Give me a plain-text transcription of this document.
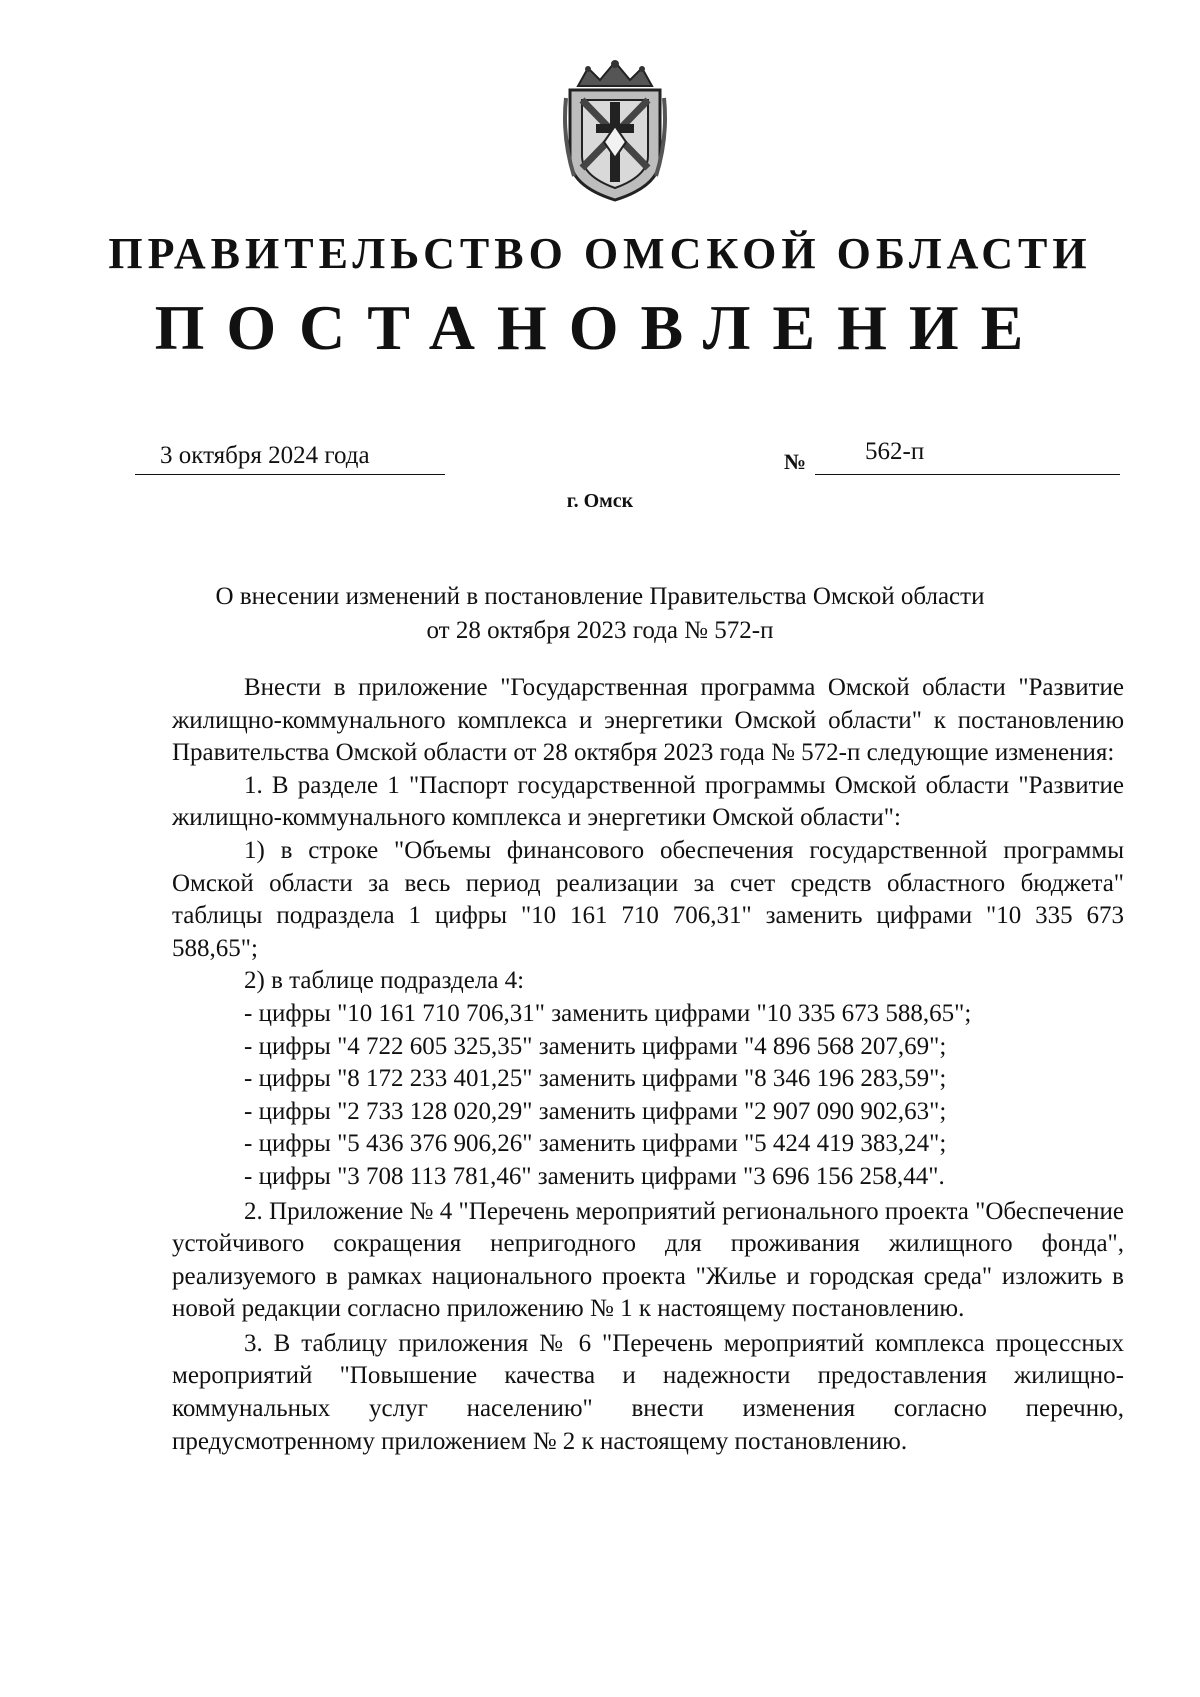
ПРАВИТЕЛЬСТВО ОМСКОЙ ОБЛАСТИ
ПОСТАНОВЛЕНИЕ
3 октября 2024 года	№ 562-п
г. Омск
О внесении изменений в постановление Правительства Омской области
от 28 октября 2023 года № 572-п

Внести в приложение "Государственная программа Омской области "Развитие жилищно-коммунального комплекса и энергетики Омской области" к постановлению Правительства Омской области от 28 октября 2023 года № 572-п следующие изменения:

1. В разделе 1 "Паспорт государственной программы Омской области "Развитие жилищно-коммунального комплекса и энергетики Омской области":

1) в строке "Объемы финансового обеспечения государственной программы Омской области за весь период реализации за счет средств областного бюджета" таблицы подраздела 1 цифры "10 161 710 706,31" заменить цифрами "10 335 673 588,65";

2) в таблице подраздела 4:

- цифры "10 161 710 706,31" заменить цифрами "10 335 673 588,65";

- цифры "4 722 605 325,35" заменить цифрами "4 896 568 207,69";

- цифры "8 172 233 401,25" заменить цифрами "8 346 196 283,59";

- цифры "2 733 128 020,29" заменить цифрами "2 907 090 902,63";

- цифры "5 436 376 906,26" заменить цифрами "5 424 419 383,24";

- цифры "3 708 113 781,46" заменить цифрами "3 696 156 258,44".

2. Приложение № 4 "Перечень мероприятий регионального проекта "Обеспечение устойчивого сокращения непригодного для проживания жилищного фонда", реализуемого в рамках национального проекта "Жилье и городская среда" изложить в новой редакции согласно приложению № 1 к настоящему постановлению.

3. В таблицу приложения № 6 "Перечень мероприятий комплекса процессных мероприятий "Повышение качества и надежности предоставления жилищно-коммунальных услуг населению" внести изменения согласно перечню, предусмотренному приложением № 2 к настоящему постановлению.
